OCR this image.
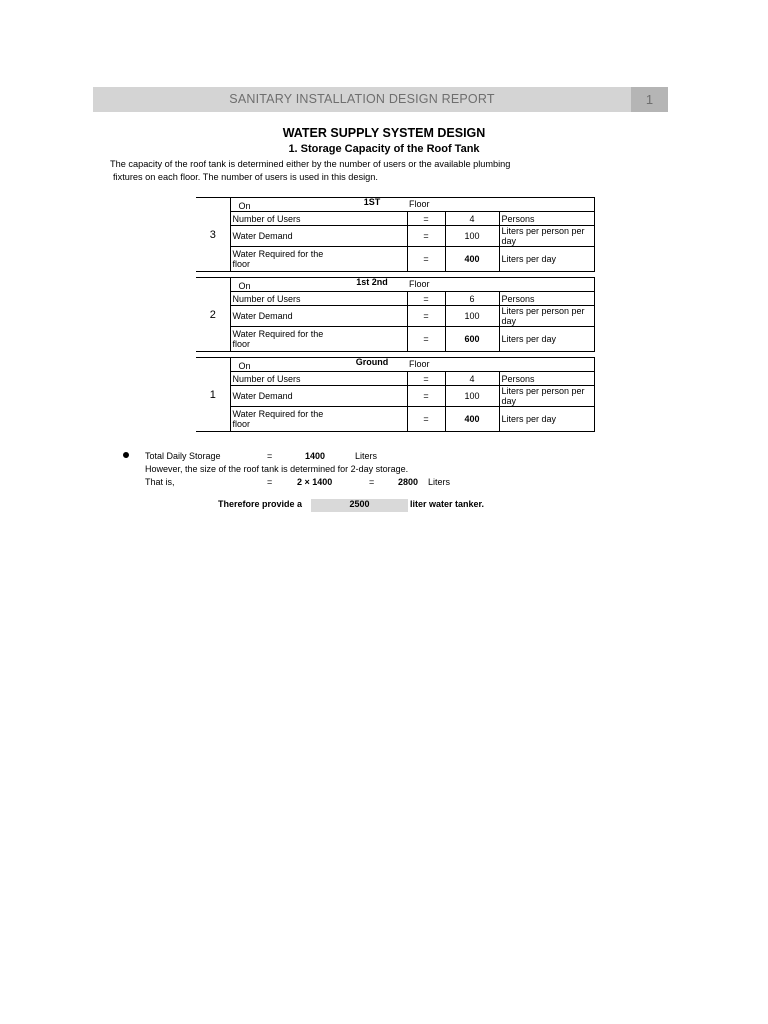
SANITARY INSTALLATION DESIGN REPORT	1
WATER SUPPLY SYSTEM DESIGN
1. Storage Capacity of the Roof Tank
The capacity of the roof tank is determined either by the number of users or the available plumbing
fixtures on each floor. The number of users is used in this design.
3	On	1ST	Floor		
	Number of Users		=	4	Persons
	Water Demand		=	100	Liters per person per day
	Water Required for the
floor		=	400	Liters per day
2	On	1st 2nd	Floor		
	Number of Users		=	6	Persons
	Water Demand		=	100	Liters per person per day
	Water Required for the
floor		=	600	Liters per day
1	On	Ground	Floor		
	Number of Users		=	4	Persons
	Water Demand		=	100	Liters per person per day
	Water Required for the
floor		=	400	Liters per day
Total Daily Storage	=	1400	Liters
However, the size of the roof tank is determined for 2-day storage.
That is,	=	2 × 1400	=	2800 Liters
Therefore provide a	2500	liter water tanker.
